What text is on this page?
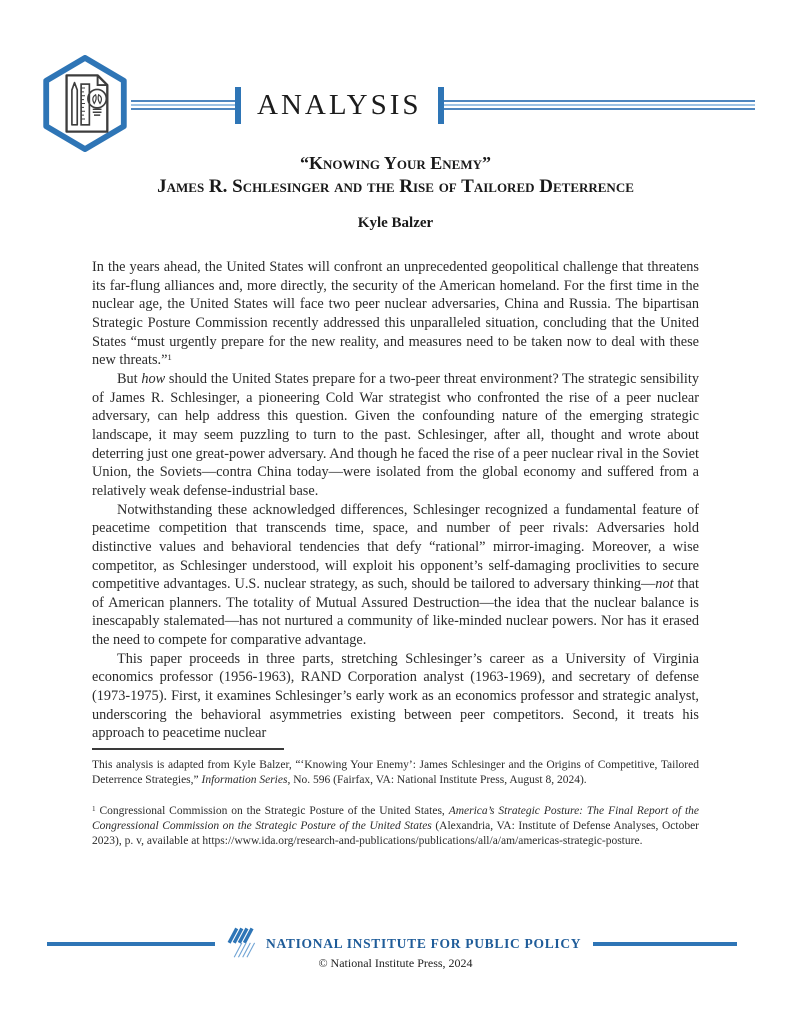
ANALYSIS
“Knowing Your Enemy”
James R. Schlesinger and the Rise of Tailored Deterrence
Kyle Balzer

In the years ahead, the United States will confront an unprecedented geopolitical challenge that threatens its far-flung alliances and, more directly, the security of the American homeland. For the first time in the nuclear age, the United States will face two peer nuclear adversaries, China and Russia. The bipartisan Strategic Posture Commission recently addressed this unparalleled situation, concluding that the United States “must urgently prepare for the new reality, and measures need to be taken now to deal with these new threats.”$^1$

But how should the United States prepare for a two-peer threat environment? The strategic sensibility of James R. Schlesinger, a pioneering Cold War strategist who confronted the rise of a peer nuclear adversary, can help address this question. Given the confounding nature of the emerging strategic landscape, it may seem puzzling to turn to the past. Schlesinger, after all, thought and wrote about deterring just one great-power adversary. And though he faced the rise of a peer nuclear rival in the Soviet Union, the Soviets—contra China today—were isolated from the global economy and suffered from a relatively weak defense-industrial base.

Notwithstanding these acknowledged differences, Schlesinger recognized a fundamental feature of peacetime competition that transcends time, space, and number of peer rivals: Adversaries hold distinctive values and behavioral tendencies that defy “rational” mirror-imaging. Moreover, a wise competitor, as Schlesinger understood, will exploit his opponent’s self-damaging proclivities to secure competitive advantages. U.S. nuclear strategy, as such, should be tailored to adversary thinking—not that of American planners. The totality of Mutual Assured Destruction—the idea that the nuclear balance is inescapably stalemated—has not nurtured a community of like-minded nuclear powers. Nor has it erased the need to compete for comparative advantage.

This paper proceeds in three parts, stretching Schlesinger’s career as a University of Virginia economics professor (1956-1963), RAND Corporation analyst (1963-1969), and secretary of defense (1973-1975). First, it examines Schlesinger’s early work as an economics professor and strategic analyst, underscoring the behavioral asymmetries existing between peer competitors. Second, it treats his approach to peacetime nuclear

This analysis is adapted from Kyle Balzer, “‘Knowing Your Enemy’: James Schlesinger and the Origins of Competitive, Tailored Deterrence Strategies,” Information Series, No. 596 (Fairfax, VA: National Institute Press, August 8, 2024).

$^1$ Congressional Commission on the Strategic Posture of the United States, America’s Strategic Posture: The Final Report of the Congressional Commission on the Strategic Posture of the United States (Alexandria, VA: Institute of Defense Analyses, October 2023), p. v, available at https://www.ida.org/research-and-publications/publications/all/a/am/americas-strategic-posture.

NATIONAL INSTITUTE FOR PUBLIC POLICY
© National Institute Press, 2024
